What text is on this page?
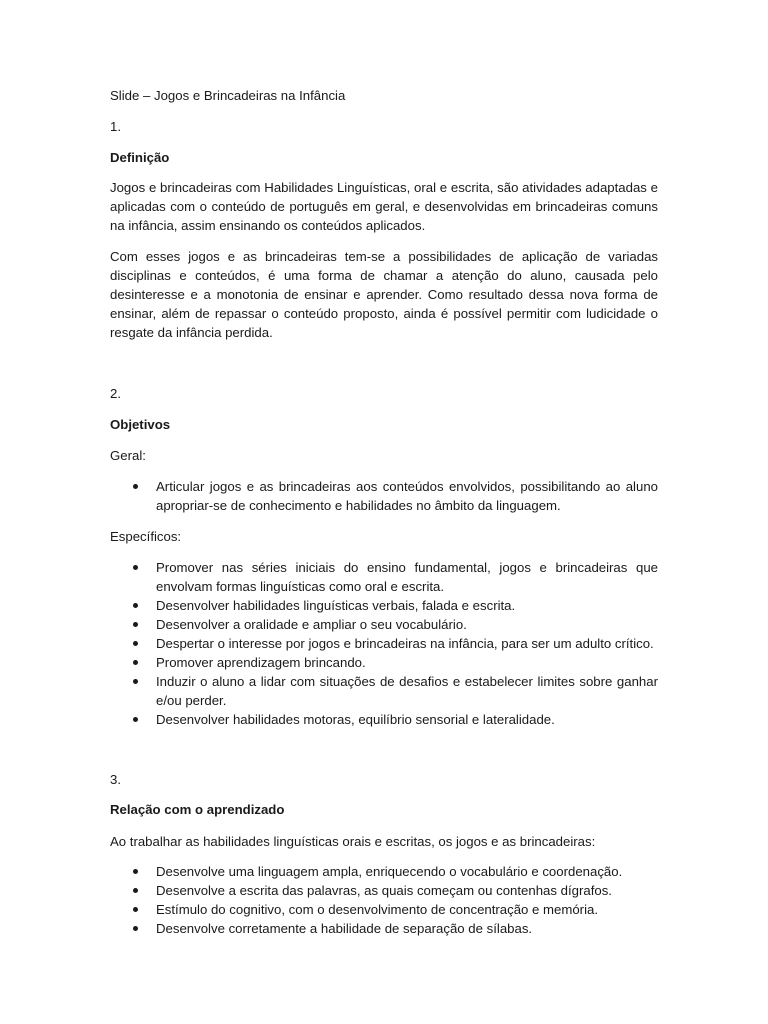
Slide – Jogos e Brincadeiras na Infância

1.

Definição

Jogos e brincadeiras com Habilidades Linguísticas, oral e escrita, são atividades adaptadas e aplicadas com o conteúdo de português em geral, e desenvolvidas em brincadeiras comuns na infância, assim ensinando os conteúdos aplicados.

Com esses jogos e as brincadeiras tem-se a possibilidades de aplicação de variadas disciplinas e conteúdos, é uma forma de chamar a atenção do aluno, causada pelo desinteresse e a monotonia de ensinar e aprender. Como resultado dessa nova forma de ensinar, além de repassar o conteúdo proposto, ainda é possível permitir com ludicidade o resgate da infância perdida.

2.

Objetivos

Geral:

Articular jogos e as brincadeiras aos conteúdos envolvidos, possibilitando ao aluno apropriar-se de conhecimento e habilidades no âmbito da linguagem.

Específicos:

Promover nas séries iniciais do ensino fundamental, jogos e brincadeiras que envolvam formas linguísticas como oral e escrita.
Desenvolver habilidades linguísticas verbais, falada e escrita.
Desenvolver a oralidade e ampliar o seu vocabulário.
Despertar o interesse por jogos e brincadeiras na infância, para ser um adulto crítico.
Promover aprendizagem brincando.
Induzir o aluno a lidar com situações de desafios e estabelecer limites sobre ganhar e/ou perder.
Desenvolver habilidades motoras, equilíbrio sensorial e lateralidade.

3.

Relação com o aprendizado

Ao trabalhar as habilidades linguísticas orais e escritas, os jogos e as brincadeiras:

Desenvolve uma linguagem ampla, enriquecendo o vocabulário e coordenação.
Desenvolve a escrita das palavras, as quais começam ou contenhas dígrafos.
Estímulo do cognitivo, com o desenvolvimento de concentração e memória.
Desenvolve corretamente a habilidade de separação de sílabas.
